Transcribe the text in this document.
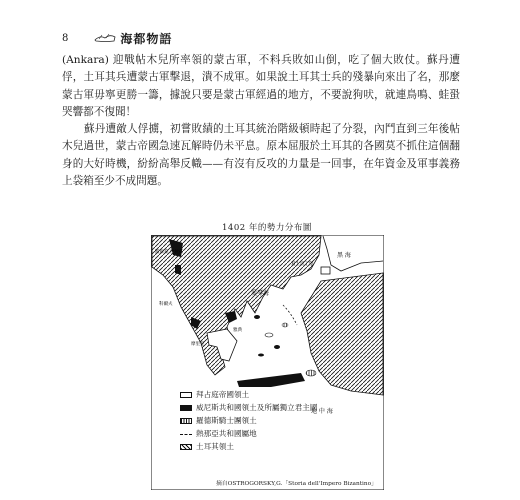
8	海都物語

(Ankara) 迎戰帖木兒所率領的蒙古軍，不料兵敗如山倒，吃了個大敗仗。蘇丹遭俘，土耳其兵遭蒙古軍擊退，潰不成軍。如果說土耳其士兵的殘暴向來出了名，那麼蒙古軍毋寧更勝一籌，據說只要是蒙古軍經過的地方，不要說狗吠，就連鳥鳴、蛙蛩哭響都不復聞！

蘇丹遭敵人俘擄，初嘗敗績的土耳其統治階級頓時起了分裂，內鬥直到三年後帖木兒過世，蒙古帝國急速瓦解時仍未平息。原本屈服於土耳其的各國莫不抓住這個翻身的大好時機，紛紛高舉反幟——有沒有反攻的力量是一回事，在年資金及軍事義務上袋箱至少不成問題。

1402 年的勢力分布圖
黑 海
君士坦丁堡
愛琴海
雅典
克里特
地 中 海
斯庫泰 杜拉茲
科爾夫
摩里亞
拜占庭帝國領土
威尼斯共和國領土及所屬獨立君主國
羅德斯騎士團領土
熱那亞共和國屬地
土耳其領土
摘自OSTROGORSKY,G.「Storia dell'Impero Bizantino」
